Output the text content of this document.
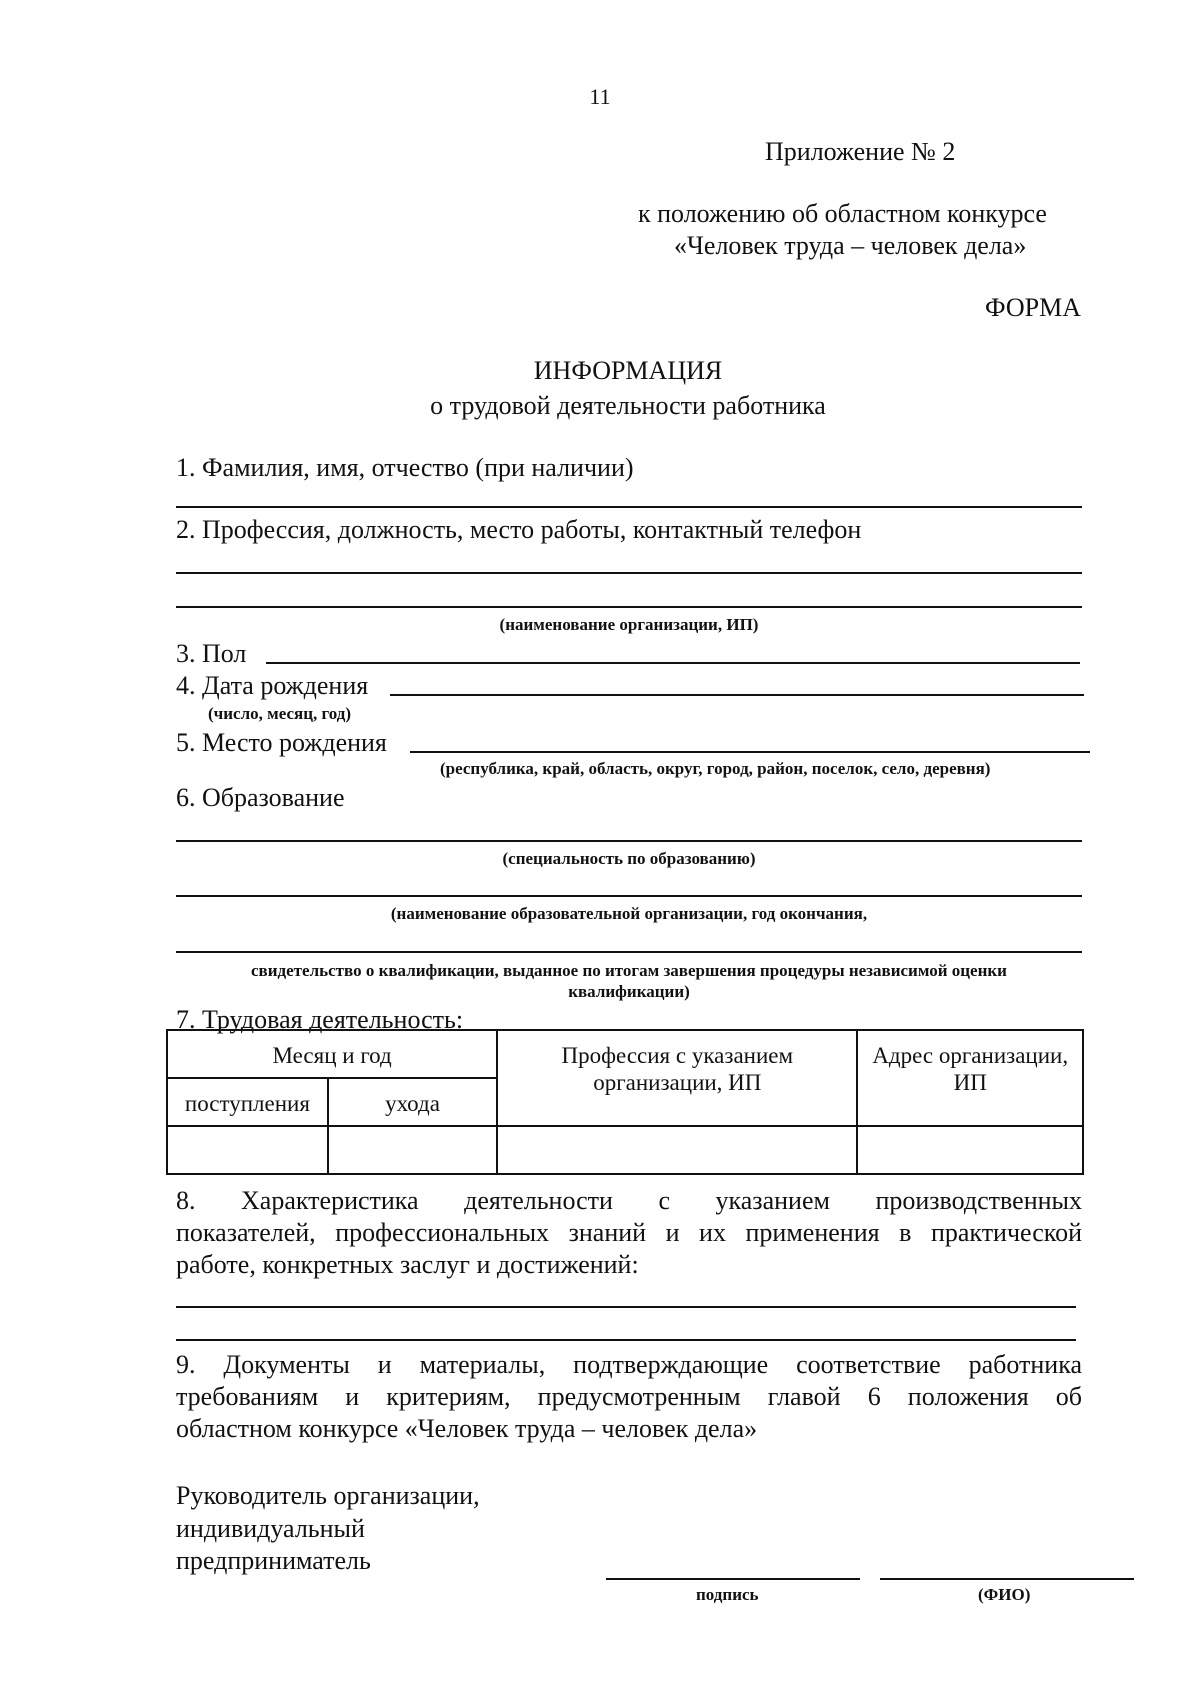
11
Приложение № 2
к положению об областном конкурсе
«Человек труда – человек дела»
ФОРМА
ИНФОРМАЦИЯ
о трудовой деятельности работника
1. Фамилия, имя, отчество (при наличии)
2. Профессия, должность, место работы, контактный телефон
(наименование организации, ИП)
3. Пол
4. Дата рождения
(число, месяц, год)
5. Место рождения
(республика, край, область, округ, город, район, поселок, село, деревня)
6. Образование
(специальность по образованию)
(наименование образовательной организации, год окончания,
свидетельство о квалификации, выданное по итогам завершения процедуры независимой оценки
квалификации)
7. Трудовая деятельность:
Месяц и год		Профессия с указанием организации, ИП	Адрес организации, ИП
поступления	ухода		

8. Характеристика деятельности с указанием производственных
показателей, профессиональных знаний и их применения в практической
работе, конкретных заслуг и достижений:
9. Документы и материалы, подтверждающие соответствие работника
требованиям и критериям, предусмотренным главой 6 положения об
областном конкурсе «Человек труда – человек дела»
Руководитель организации,
индивидуальный
предприниматель
подпись	(ФИО)
